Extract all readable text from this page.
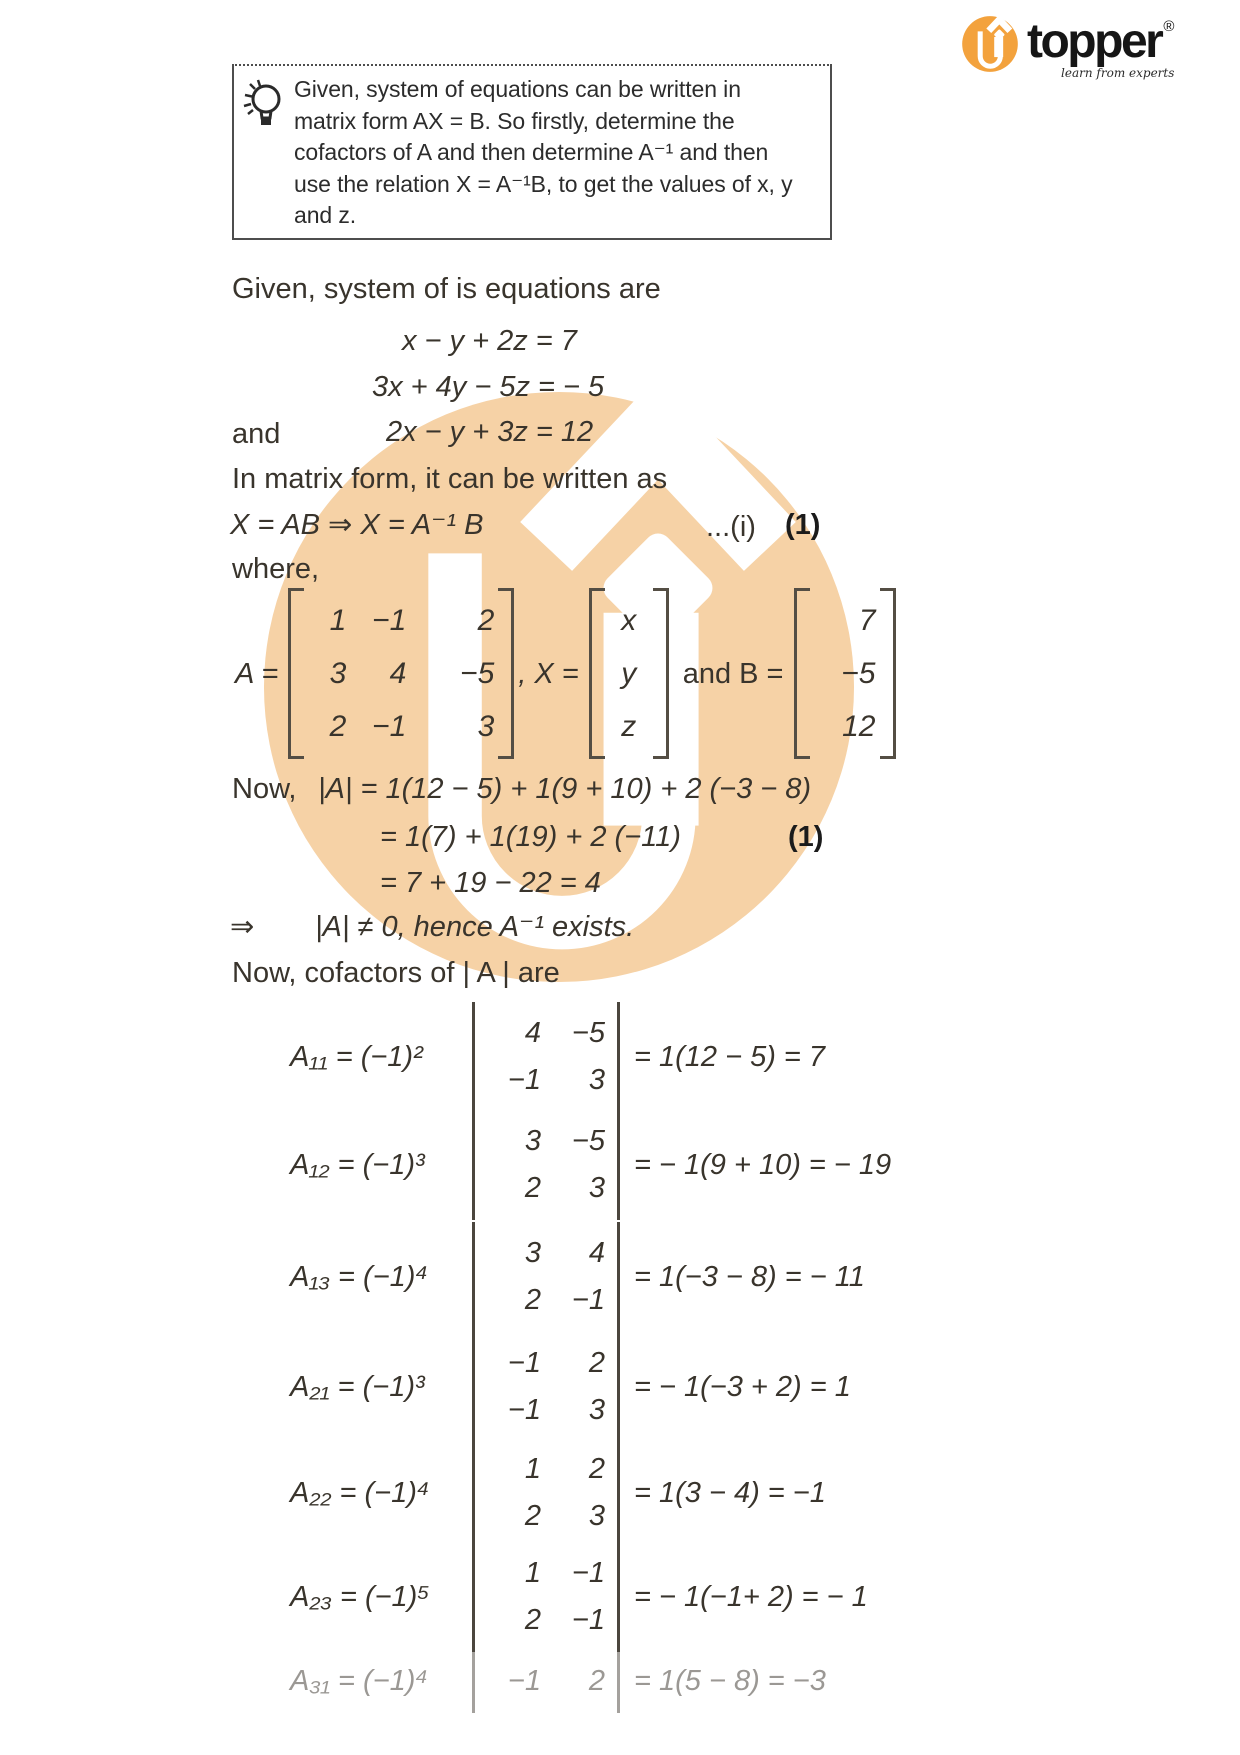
topper ®
learn from experts
Given, system of equations can be written in
matrix form AX = B. So firstly, determine the
cofactors of A and then determine A⁻¹ and then
use the relation X = A⁻¹B, to get the values of x, y
and z.
Given, system of is equations are
x − y + 2z = 7
3x + 4y − 5z = − 5
and	2x − y + 3z = 12
In matrix form, it can be written as
X = AB ⇒ X = A⁻¹ B	...(i) (1)
where,
A =
1 −1	2
3	4	−5
2 −1	3
, X =
x
y
z
and B =
7
−5
12
Now, |A| = 1(12 − 5) + 1(9 + 10) + 2 (−3 − 8)
= 1(7) + 1(19) + 2 (−11)	(1)
= 7 + 19 − 22 = 4
⇒ |A| ≠ 0, hence A⁻¹ exists.
Now, cofactors of | A | are
A₁₁ = (−1)²
4	−5
−1	3
= 1(12 − 5) = 7
A₁₂ = (−1)³
3	−5
2	3
= − 1(9 + 10) = − 19
A₁₃ = (−1)⁴
3	4
2	−1
= 1(−3 − 8) = − 11
A₂₁ = (−1)³
−1	2
−1	3
= − 1(−3 + 2) = 1
A₂₂ = (−1)⁴
1	2
2	3
= 1(3 − 4) = −1
A₂₃ = (−1)⁵
1	−1
2	−1
= − 1(−1+ 2) = − 1
A₃₁ = (−1)⁴	−1	2 = 1(5 − 8) = −3
